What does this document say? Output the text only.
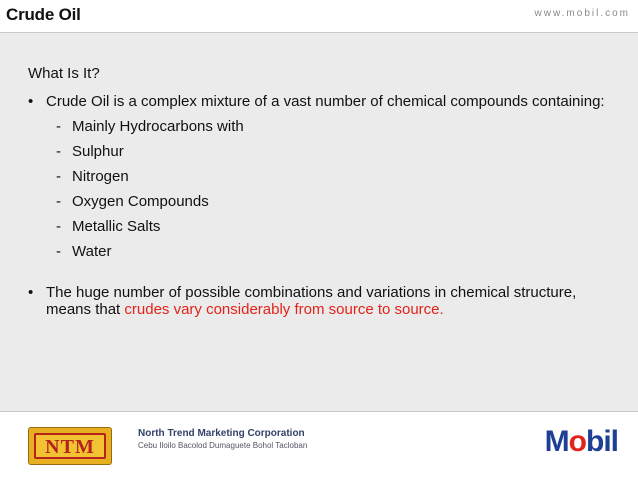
Crude Oil	www.mobil.com
What Is It?
• Crude Oil is a complex mixture of a vast number of chemical compounds containing:
- Mainly Hydrocarbons with
- Sulphur
- Nitrogen
- Oxygen Compounds
- Metallic Salts
- Water
• The huge number of possible combinations and variations in chemical structure, means that crudes vary considerably from source to source.
NTM
North Trend Marketing Corporation
Cebu Iloilo Bacolod Dumaguete Bohol Tacloban	Mobil
